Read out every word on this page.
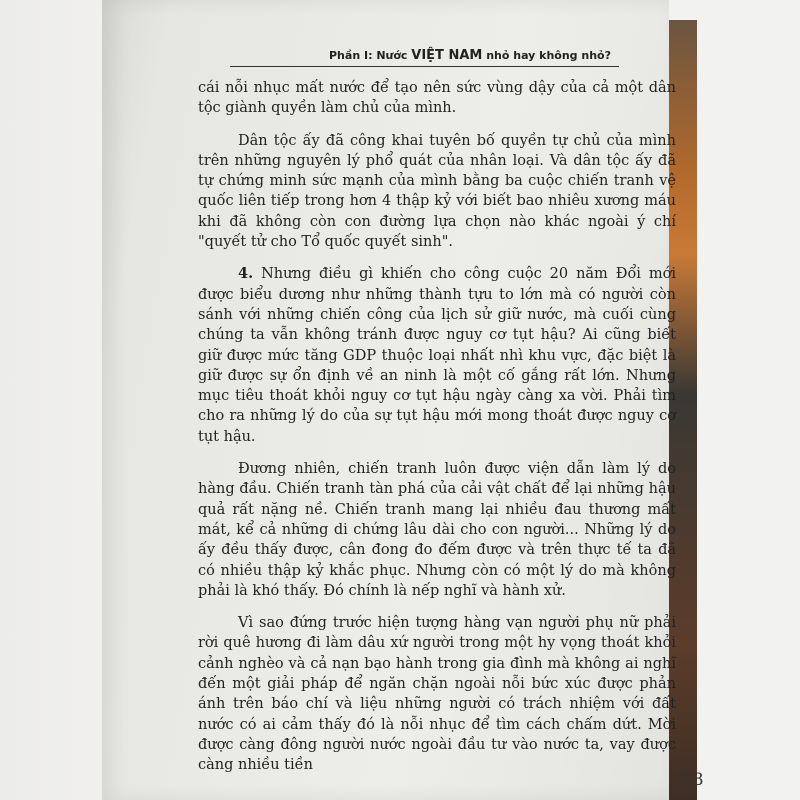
Phần I: Nước VIỆT NAM nhỏ hay không nhỏ?

cái nỗi nhục mất nước để tạo nên sức vùng dậy của cả một dân tộc giành quyền làm chủ của mình.

Dân tộc ấy đã công khai tuyên bố quyền tự chủ của mình trên những nguyên lý phổ quát của nhân loại. Và dân tộc ấy đã tự chứng minh sức mạnh của mình bằng ba cuộc chiến tranh vệ quốc liên tiếp trong hơn 4 thập kỷ với biết bao nhiêu xương máu khi đã không còn con đường lựa chọn nào khác ngoài ý chí "quyết tử cho Tổ quốc quyết sinh".

4. Nhưng điều gì khiến cho công cuộc 20 năm Đổi mới được biểu dương như những thành tựu to lớn mà có người còn sánh với những chiến công của lịch sử giữ nước, mà cuối cùng chúng ta vẫn không tránh được nguy cơ tụt hậu? Ai cũng biết giữ được mức tăng GDP thuộc loại nhất nhì khu vực, đặc biệt là giữ được sự ổn định về an ninh là một cố gắng rất lớn. Nhưng mục tiêu thoát khỏi nguy cơ tụt hậu ngày càng xa vời. Phải tìm cho ra những lý do của sự tụt hậu mới mong thoát được nguy cơ tụt hậu.

Đương nhiên, chiến tranh luôn được viện dẫn làm lý do hàng đầu. Chiến tranh tàn phá của cải vật chất để lại những hậu quả rất nặng nề. Chiến tranh mang lại nhiều đau thương mất mát, kể cả những di chứng lâu dài cho con người... Những lý do ấy đều thấy được, cân đong đo đếm được và trên thực tế ta đã có nhiều thập kỷ khắc phục. Nhưng còn có một lý do mà không phải là khó thấy. Đó chính là nếp nghĩ và hành xử.

Vì sao đứng trước hiện tượng hàng vạn người phụ nữ phải rời quê hương đi làm dâu xứ người trong một hy vọng thoát khỏi cảnh nghèo và cả nạn bạo hành trong gia đình mà không ai nghĩ đến một giải pháp để ngăn chặn ngoài nỗi bức xúc được phản ánh trên báo chí và liệu những người có trách nhiệm với đất nước có ai cảm thấy đó là nỗi nhục để tìm cách chấm dứt. Mời được càng đông người nước ngoài đầu tư vào nước ta, vay được càng nhiều tiền

13
